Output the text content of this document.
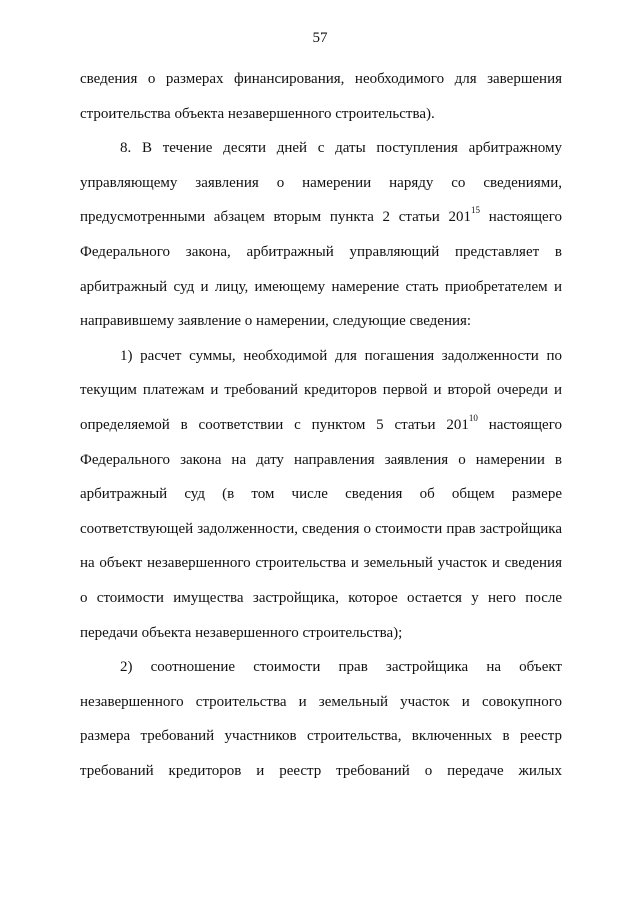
57
сведения о размерах финансирования, необходимого для завершения
строительства объекта незавершенного строительства).
8. В течение десяти дней с даты поступления арбитражному
управляющему заявления о намерении наряду со сведениями,
предусмотренными абзацем вторым пункта 2 статьи $201^{15}$ настоящего
Федерального закона, арбитражный управляющий представляет в
арбитражный суд и лицу, имеющему намерение стать приобретателем и
направившему заявление о намерении, следующие сведения:
1) расчет суммы, необходимой для погашения задолженности по
текущим платежам и требований кредиторов первой и второй очереди и
определяемой в соответствии с пунктом 5 статьи $201^{10}$ настоящего
Федерального закона на дату направления заявления о намерении в
арбитражный суд (в том числе сведения об общем размере
соответствующей задолженности, сведения о стоимости прав застройщика
на объект незавершенного строительства и земельный участок и сведения
о стоимости имущества застройщика, которое остается у него после
передачи объекта незавершенного строительства);
2) соотношение стоимости прав застройщика на объект
незавершенного строительства и земельный участок и совокупного
размера требований участников строительства, включенных в реестр
требований кредиторов и реестр требований о передаче жилых
